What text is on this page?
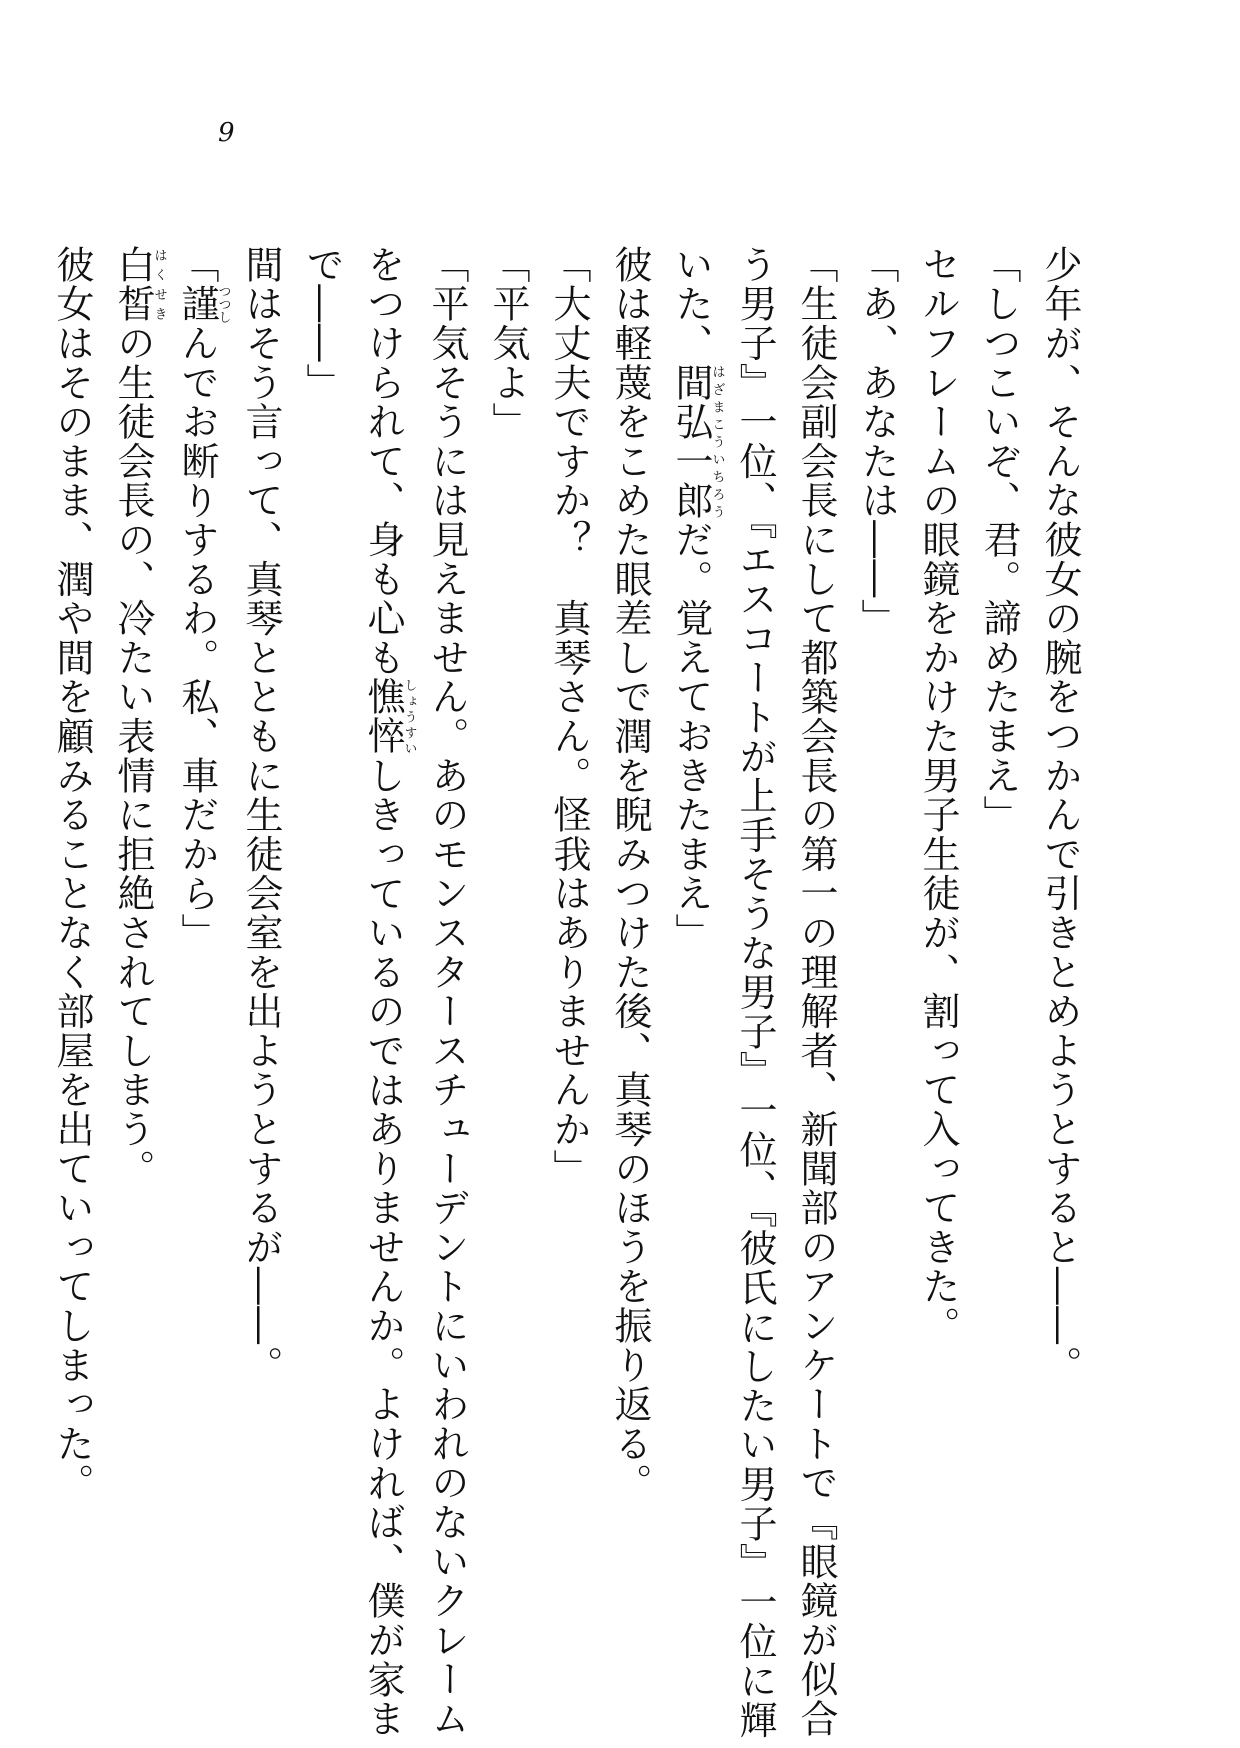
9
少年が、そんな彼女の腕をつかんで引きとめようとすると――。
「しつこいぞ、君。諦めたまえ」
セルフレームの眼鏡をかけた男子生徒が、割って入ってきた。
「あ、あなたは――」
「生徒会副会長にして都築会長の第一の理解者、新聞部のアンケートで『眼鏡が似合
う男子』一位、『エスコートが上手そうな男子』一位、『彼氏にしたい男子』一位に輝
いた、間弘一郎はざまこういちろうだ。覚えておきたまえ」
彼は軽蔑をこめた眼差しで潤を睨みつけた後、真琴のほうを振り返る。
「大丈夫ですか？　真琴さん。怪我はありませんか」
「平気よ」
「平気そうには見えません。あのモンスタースチューデントにいわれのないクレーム
をつけられて、身も心も憔悴しょうすいしきっているのではありませんか。よければ、僕が家ま
で――」
間はそう言って、真琴とともに生徒会室を出ようとするが――。
「謹つつしんでお断りするわ。私、車だから」
白皙はくせきの生徒会長の、冷たい表情に拒絶されてしまう。
彼女はそのまま、潤や間を顧みることなく部屋を出ていってしまった。
